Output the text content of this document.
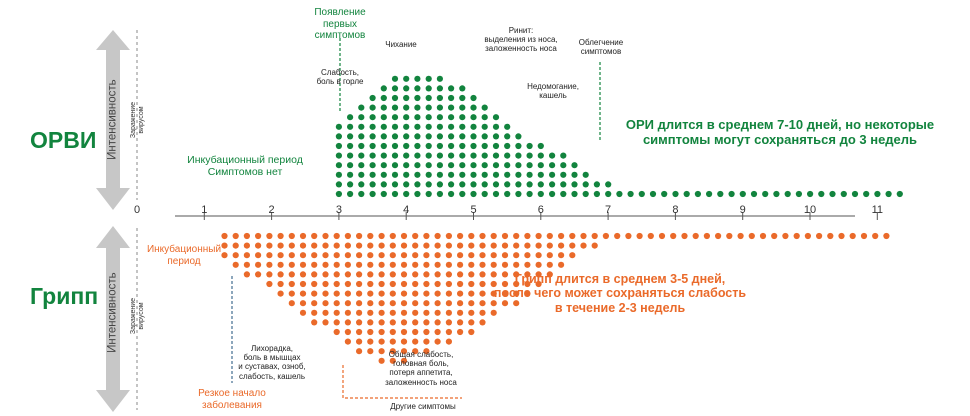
0	1	2	3	4	5	6	7	8	9	10	11
ОРВИ Интенсивность Заражение вирусом
Появление
первых
симптомов
Инкубационный период
Симптомов нет
ОРИ длится в среднем 7-10 дней, но некоторые
симптомы могут сохраняться до 3 недель
Слабость,
боль в горле
Чихание
Ринит:
выделения из носа,
заложенность носа
Недомогание,
кашель
Облегчение
симптомов
Грипп Интенсивность Заражение вирусом
Инкубационный
период
Резкое начало
заболевания
Грипп длится в среднем 3-5 дней,
после чего может сохраняться слабость
в течение 2-3 недель
Лихорадка,
боль в мышцах
и суставах, озноб,
слабость, кашель
Общая слабость,
головная боль,
потеря аппетита,
заложенность носа
Другие симптомы
